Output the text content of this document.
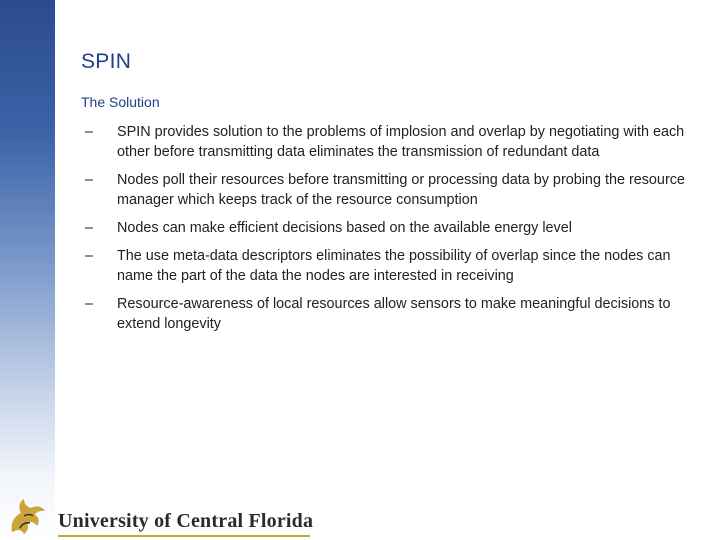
SPIN
The Solution
–	SPIN provides solution to the problems of implosion and overlap by negotiating with each other before transmitting data eliminates the transmission of redundant data
–	Nodes poll their resources before transmitting or processing data by probing the resource manager which keeps track of the resource consumption
–	Nodes can make efficient decisions based on the available energy level
–	The use meta-data descriptors eliminates the possibility of overlap since the nodes can name the part of the data the nodes are interested in receiving
–	Resource-awareness of local resources allow sensors to make meaningful decisions to extend longevity
University of Central Florida
